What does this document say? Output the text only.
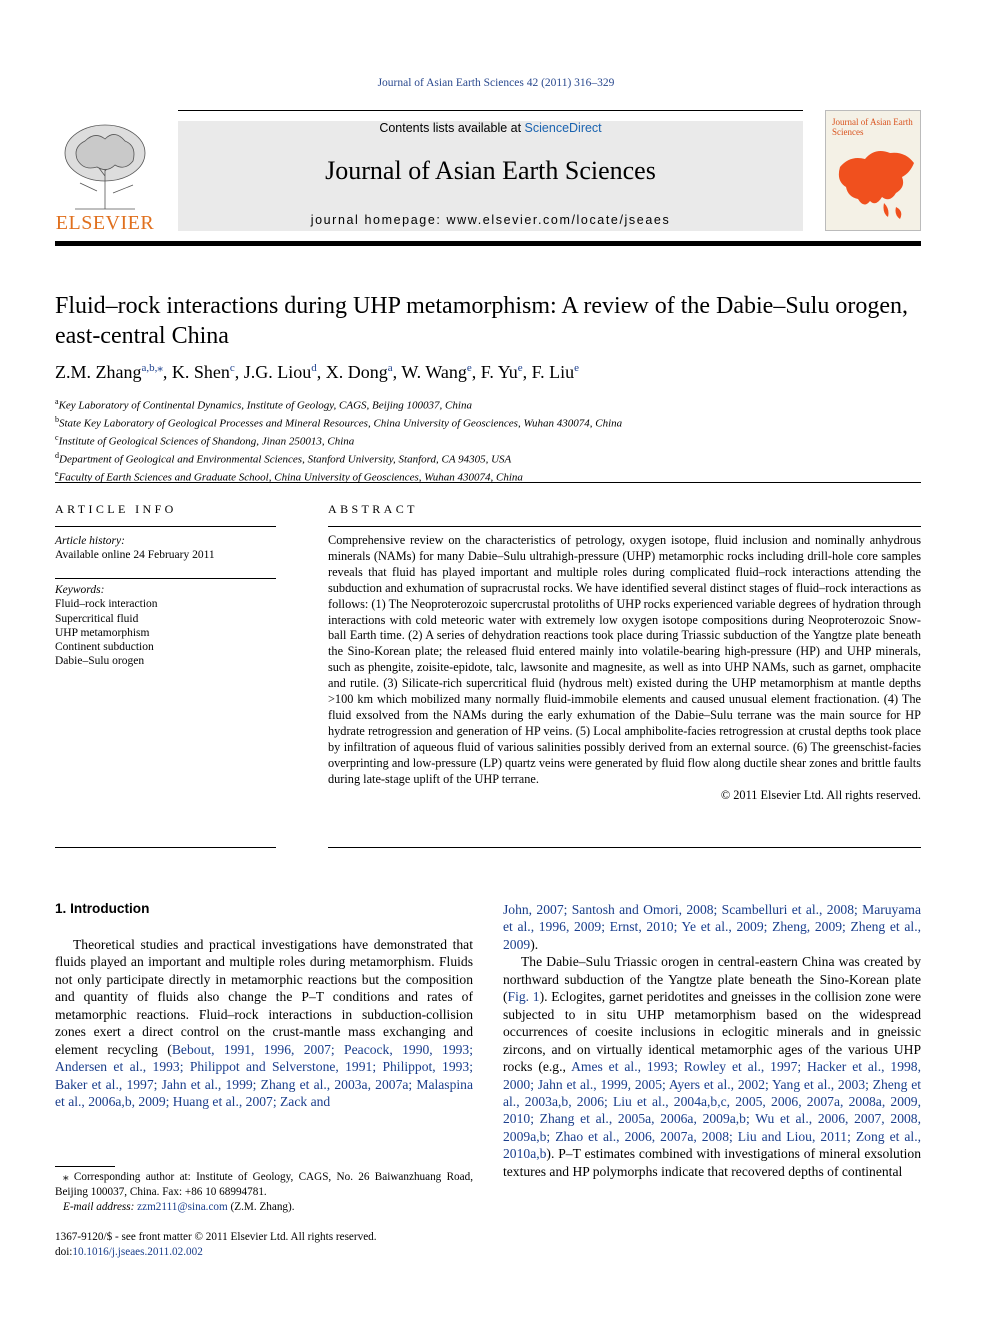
Journal of Asian Earth Sciences 42 (2011) 316–329
ELSEVIER
Contents lists available at ScienceDirect
Journal of Asian Earth Sciences
journal homepage: www.elsevier.com/locate/jseaes
Journal of Asian Earth Sciences
Fluid–rock interactions during UHP metamorphism: A review of the Dabie–Sulu orogen, east-central China
Z.M. Zhang$^{a,b,⁎}$, K. Shen$^c$, J.G. Liou$^d$, X. Dong$^a$, W. Wang$^e$, F. Yu$^e$, F. Liu$^e$
$^a$Key Laboratory of Continental Dynamics, Institute of Geology, CAGS, Beijing 100037, China
$^b$State Key Laboratory of Geological Processes and Mineral Resources, China University of Geosciences, Wuhan 430074, China
$^c$Institute of Geological Sciences of Shandong, Jinan 250013, China
$^d$Department of Geological and Environmental Sciences, Stanford University, Stanford, CA 94305, USA
$^e$Faculty of Earth Sciences and Graduate School, China University of Geosciences, Wuhan 430074, China
ARTICLE INFO
Article history:
Available online 24 February 2011
Keywords:
Fluid–rock interaction
Supercritical fluid
UHP metamorphism
Continent subduction
Dabie–Sulu orogen
ABSTRACT
Comprehensive review on the characteristics of petrology, oxygen isotope, fluid inclusion and nominally anhydrous minerals (NAMs) for many Dabie–Sulu ultrahigh-pressure (UHP) metamorphic rocks including drill-hole core samples reveals that fluid has played important and multiple roles during complicated fluid–rock interactions attending the subduction and exhumation of supracrustal rocks. We have identified several distinct stages of fluid–rock interactions as follows: (1) The Neoproterozoic supercrustal protoliths of UHP rocks experienced variable degrees of hydration through interactions with cold meteoric water with extremely low oxygen isotope compositions during Neoproterozoic Snow-ball Earth time. (2) A series of dehydration reactions took place during Triassic subduction of the Yangtze plate beneath the Sino-Korean plate; the released fluid entered mainly into volatile-bearing high-pressure (HP) and UHP minerals, such as phengite, zoisite-epidote, talc, lawsonite and magnesite, as well as into UHP NAMs, such as garnet, omphacite and rutile. (3) Silicate-rich supercritical fluid (hydrous melt) existed during the UHP metamorphism at mantle depths >100 km which mobilized many normally fluid-immobile elements and caused unusual element fractionation. (4) The fluid exsolved from the NAMs during the early exhumation of the Dabie–Sulu terrane was the main source for HP hydrate retrogression and generation of HP veins. (5) Local amphibolite-facies retrogression at crustal depths took place by infiltration of aqueous fluid of various salinities possibly derived from an external source. (6) The greenschist-facies overprinting and low-pressure (LP) quartz veins were generated by fluid flow along ductile shear zones and brittle faults during late-stage uplift of the UHP terrane.
© 2011 Elsevier Ltd. All rights reserved.
1. Introduction

Theoretical studies and practical investigations have demonstrated that fluids played an important and multiple roles during metamorphism. Fluids not only participate directly in metamorphic reactions but the composition and quantity of fluids also change the P–T conditions and rates of metamorphic reactions. Fluid–rock interactions in subduction-collision zones exert a direct control on the crust-mantle mass exchanging and element recycling (Bebout, 1991, 1996, 2007; Peacock, 1990, 1993; Andersen et al., 1993; Philippot and Selverstone, 1991; Philippot, 1993; Baker et al., 1997; Jahn et al., 1999; Zhang et al., 2003a, 2007a; Malaspina et al., 2006a,b, 2009; Huang et al., 2007; Zack and

John, 2007; Santosh and Omori, 2008; Scambelluri et al., 2008; Maruyama et al., 1996, 2009; Ernst, 2010; Ye et al., 2009; Zheng, 2009; Zheng et al., 2009).

The Dabie–Sulu Triassic orogen in central-eastern China was created by northward subduction of the Yangtze plate beneath the Sino-Korean plate (Fig. 1). Eclogites, garnet peridotites and gneisses in the collision zone were subjected to in situ UHP metamorphism based on the widespread occurrences of coesite inclusions in eclogitic minerals and in gneissic zircons, and on virtually identical metamorphic ages of the various UHP rocks (e.g., Ames et al., 1993; Rowley et al., 1997; Hacker et al., 1998, 2000; Jahn et al., 1999, 2005; Ayers et al., 2002; Yang et al., 2003; Zheng et al., 2003a,b, 2006; Liu et al., 2004a,b,c, 2005, 2006, 2007a, 2008a, 2009, 2010; Zhang et al., 2005a, 2006a, 2009a,b; Wu et al., 2006, 2007, 2008, 2009a,b; Zhao et al., 2006, 2007a, 2008; Liu and Liou, 2011; Zong et al., 2010a,b). P–T estimates combined with investigations of mineral exsolution textures and HP polymorphs indicate that recovered depths of continental

⁎ Corresponding author at: Institute of Geology, CAGS, No. 26 Baiwanzhuang Road, Beijing 100037, China. Fax: +86 10 68994781.
E-mail address: zzm2111@sina.com (Z.M. Zhang).
1367-9120/$ - see front matter © 2011 Elsevier Ltd. All rights reserved.
doi:10.1016/j.jseaes.2011.02.002
